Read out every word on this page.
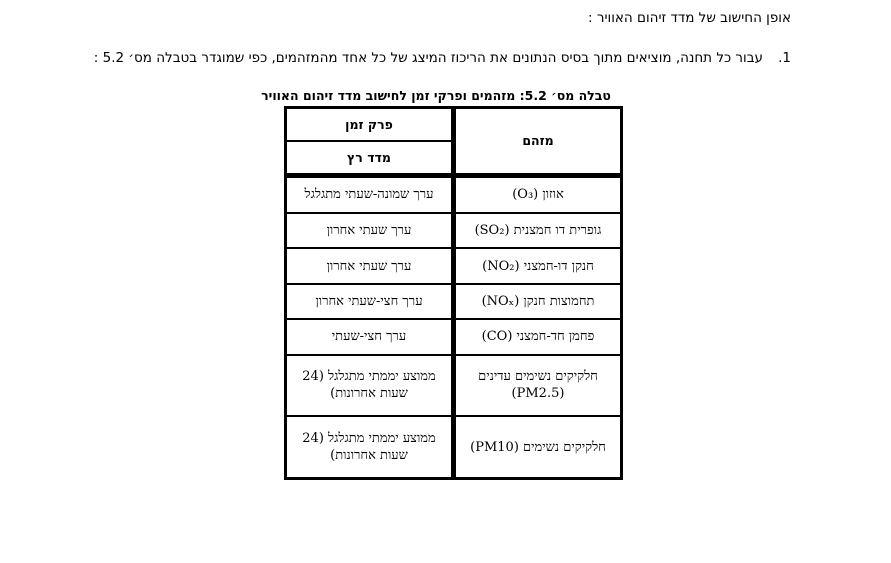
אופן החישוב של מדד זיהום האוויר :
1.
עבור כל תחנה, מוציאים מתוך בסיס הנתונים את הריכוז המיצג של כל אחד מהמזהמים, כפי שמוגדר בטבלה מס׳ 5.2 :
טבלה מס׳ 5.2: מזהמים ופרקי זמן לחישוב מדד זיהום האוויר
מזהם	פרק זמן
	מדד רץ
אוזון (O₃)	ערך שמונה-שעתי מתגלגל
גופרית דו חמצנית (SO₂)	ערך שעתי אחרון
חנקן דו-חמצני (NO₂)	ערך שעתי אחרון
תחמוצות חנקן (NOₓ)	ערך חצי-שעתי אחרון
פחמן חד-חמצני (CO)	ערך חצי-שעתי
חלקיקים נשימים עדינים (PM2.5)	ממוצע יממתי מתגלגל (24 שעות אחרונות)
חלקיקים נשימים (PM10)	ממוצע יממתי מתגלגל (24 שעות אחרונות)
